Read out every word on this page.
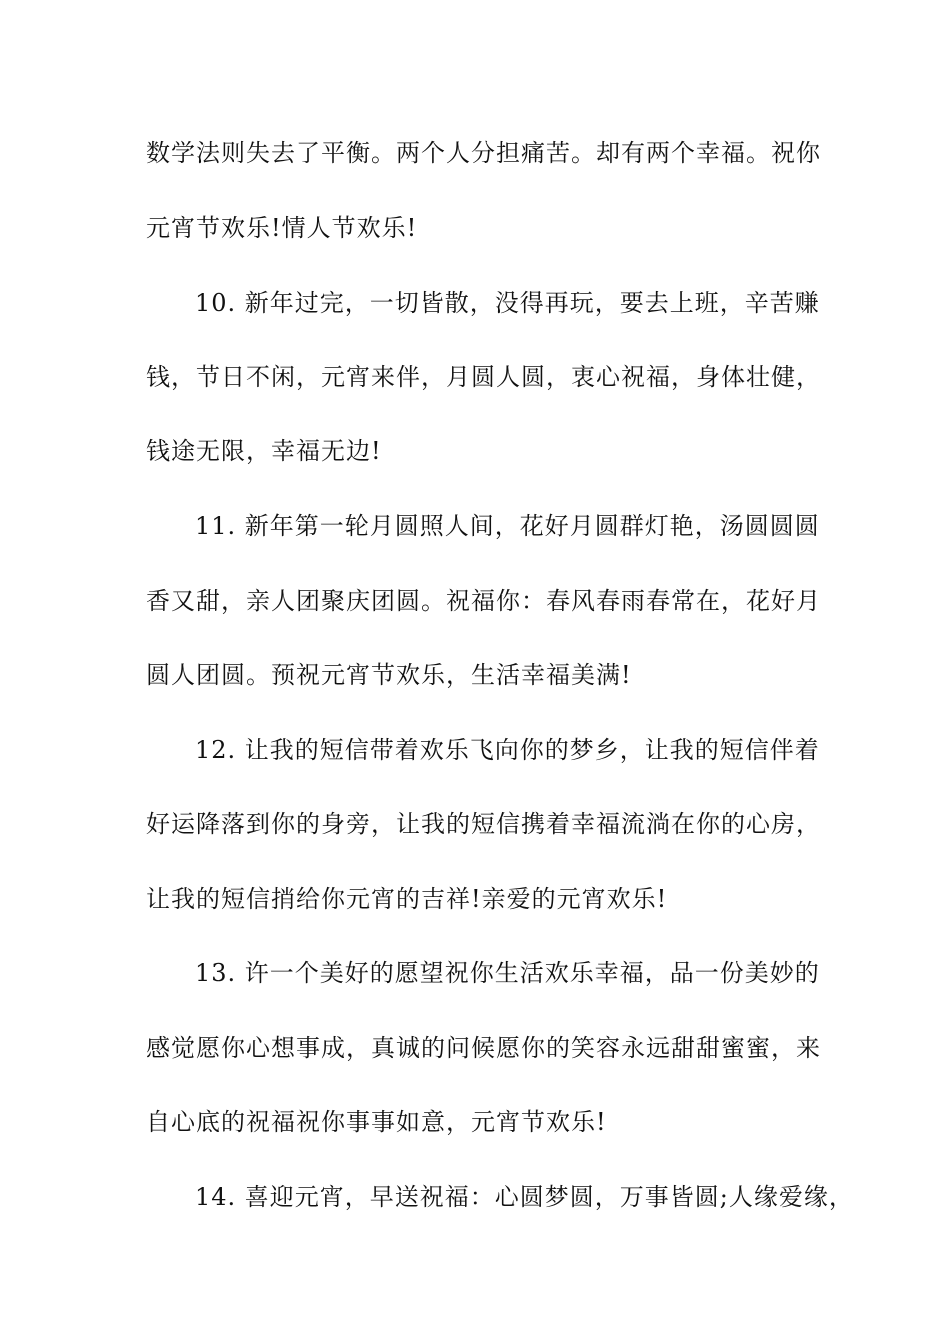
数学法则失去了平衡。两个人分担痛苦。却有两个幸福。祝你
元宵节欢乐!情人节欢乐!
10. 新年过完，一切皆散，没得再玩，要去上班，辛苦赚
钱，节日不闲，元宵来伴，月圆人圆，衷心祝福，身体壮健，
钱途无限，幸福无边!
11. 新年第一轮月圆照人间，花好月圆群灯艳，汤圆圆圆
香又甜，亲人团聚庆团圆。祝福你：春风春雨春常在，花好月
圆人团圆。预祝元宵节欢乐，生活幸福美满!
12. 让我的短信带着欢乐飞向你的梦乡，让我的短信伴着
好运降落到你的身旁，让我的短信携着幸福流淌在你的心房，
让我的短信捎给你元宵的吉祥!亲爱的元宵欢乐!
13. 许一个美好的愿望祝你生活欢乐幸福，品一份美妙的
感觉愿你心想事成，真诚的问候愿你的笑容永远甜甜蜜蜜，来
自心底的祝福祝你事事如意，元宵节欢乐!
14. 喜迎元宵，早送祝福：心圆梦圆，万事皆圆;人缘爱缘，
